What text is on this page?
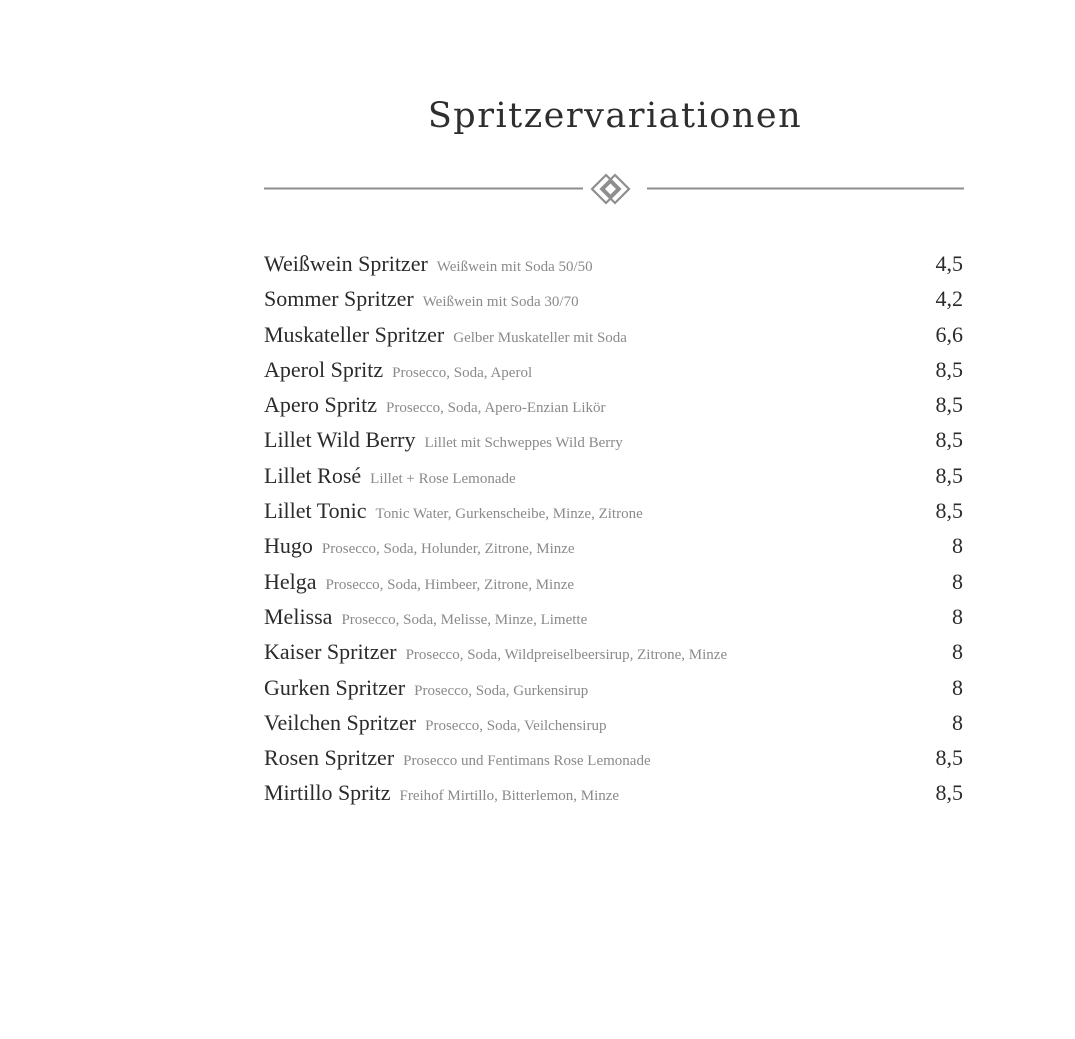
Spritzervariationen
Weißwein Spritzer Weißwein mit Soda 50/50	4,5
Sommer Spritzer Weißwein mit Soda 30/70	4,2
Muskateller Spritzer Gelber Muskateller mit Soda	6,6
Aperol Spritz Prosecco, Soda, Aperol	8,5
Apero Spritz Prosecco, Soda, Apero-Enzian Likör	8,5
Lillet Wild Berry Lillet mit Schweppes Wild Berry	8,5
Lillet Rosé Lillet + Rose Lemonade	8,5
Lillet Tonic Tonic Water, Gurkenscheibe, Minze, Zitrone	8,5
Hugo Prosecco, Soda, Holunder, Zitrone, Minze	8
Helga Prosecco, Soda, Himbeer, Zitrone, Minze	8
Melissa Prosecco, Soda, Melisse, Minze, Limette	8
Kaiser Spritzer Prosecco, Soda, Wildpreiselbeersirup, Zitrone, Minze	8
Gurken Spritzer Prosecco, Soda, Gurkensirup	8
Veilchen Spritzer Prosecco, Soda, Veilchensirup	8
Rosen Spritzer Prosecco und Fentimans Rose Lemonade	8,5
Mirtillo Spritz Freihof Mirtillo, Bitterlemon, Minze	8,5
